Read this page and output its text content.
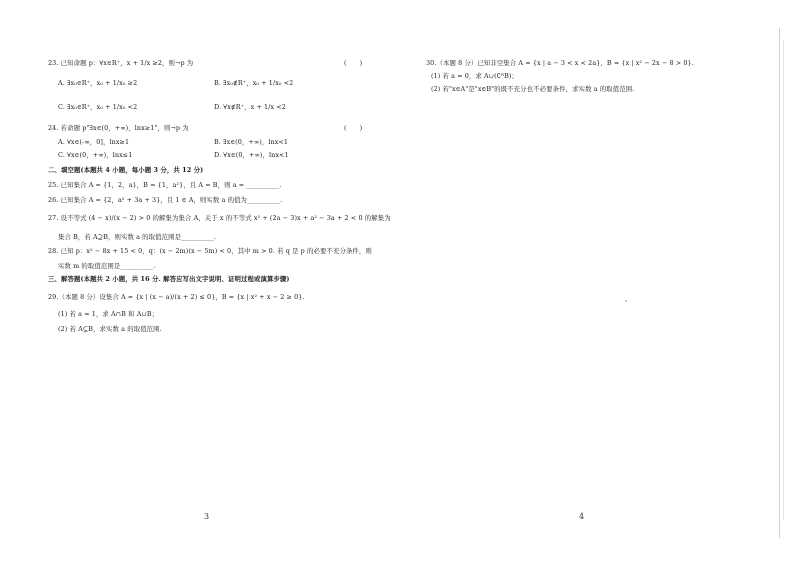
23. 已知命题 p：∀x∈R⁺，x + 1/x ≥2，则¬p 为	(　　)
A. ∃x₀∈R⁺，x₀ + 1/x₀ ≥2	B. ∃x₀∉R⁺，x₀ + 1/x₀ <2
C. ∃x₀∈R⁺，x₀ + 1/x₀ <2	D. ∀x∉R⁺，x + 1/x <2
24. 若命题 p"∃x∈(0，+∞)，lnx≥1"，则¬p 为	(　　)
A. ∀x∈(-∞，0]，lnx≥1	B. ∃x∈(0，+∞)，lnx<1
C. ∀x∈(0，+∞)，lnx≤1	D. ∀x∈(0，+∞)，lnx<1
二、填空题(本题共 4 小题，每小题 3 分，共 12 分)
25. 已知集合 A = {1，2，a}，B = {1，a²}，且 A = B，则 a = __________.
26. 已知集合 A = {2，a² + 3a + 3}，且 1 ∈ A，则实数 a 的值为__________.
27. 设不等式 (4 − x)/(x − 2) > 0 的解集为集合 A，关于 x 的不等式 x² + (2a − 3)x + a² − 3a + 2 < 0 的解集为
集合 B，若 A⊇B，则实数 a 的取值范围是__________.
28. 已知 p：x² − 8x + 15 < 0，q：(x − 2m)(x − 5m) < 0，其中 m > 0. 若 q 是 p 的必要不充分条件，则
实数 m 的取值范围是__________.
三、解答题(本题共 2 小题，共 16 分. 解答应写出文字说明、证明过程或演算步骤)
29.（本题 8 分）设集合 A = {x | (x − a)/(x + 2) ≤ 0}，B = {x | x² + x − 2 ≥ 0}.
(1) 若 a = 1，求 A∩B 和 A∪B；
(2) 若 A⊆B，求实数 a 的取值范围.
3
30.（本题 8 分）已知非空集合 A = {x | a − 3 < x < 2a}，B = {x | x² − 2x − 8 > 0}.
(1) 若 a = 0，求 A∪(∁ᴿB)；
(2) 若"x∈A"是"x∈B"的既不充分也不必要条件，求实数 a 的取值范围.
4
